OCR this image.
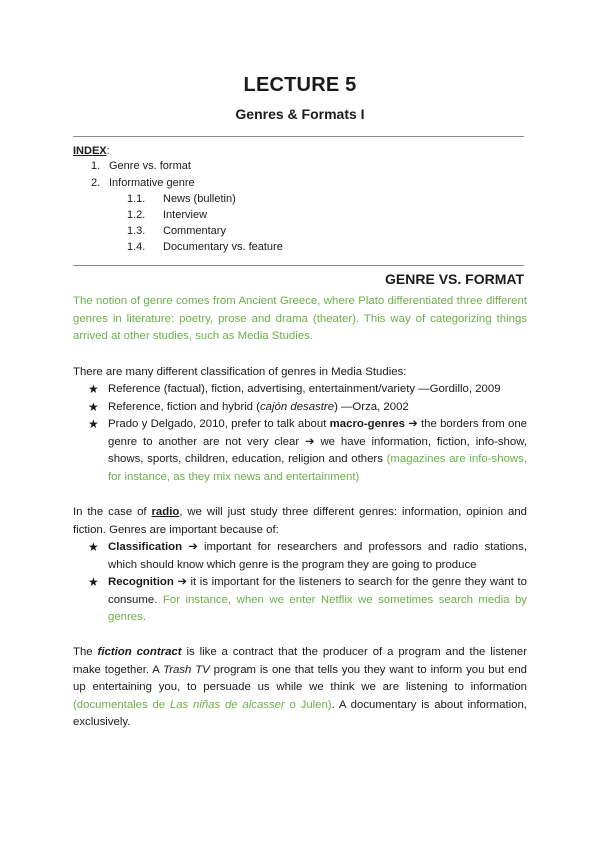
LECTURE 5
Genres & Formats I
INDEX:
1. Genre vs. format
2. Informative genre
1.1. News (bulletin)
1.2. Interview
1.3. Commentary
1.4. Documentary vs. feature
GENRE VS. FORMAT

The notion of genre comes from Ancient Greece, where Plato differentiated three different genres in literature: poetry, prose and drama (theater). This way of categorizing things arrived at other studies, such as Media Studies.

There are many different classification of genres in Media Studies:

★ Reference (factual), fiction, advertising, entertainment/variety —Gordillo, 2009
★ Reference, fiction and hybrid (cajón desastre) —Orza, 2002
★ Prado y Delgado, 2010, prefer to talk about macro-genres ➔ the borders from one genre to another are not very clear ➔ we have information, fiction, info-show, shows, sports, children, education, religion and others (magazines are info-shows, for instance, as they mix news and entertainment)

In the case of radio, we will just study three different genres: information, opinion and fiction. Genres are important because of:

★ Classification ➔ important for researchers and professors and radio stations, which should know which genre is the program they are going to produce
★ Recognition ➔ it is important for the listeners to search for the genre they want to consume. For instance, when we enter Netflix we sometimes search media by genres.

The fiction contract is like a contract that the producer of a program and the listener make together. A Trash TV program is one that tells you they want to inform you but end up entertaining you, to persuade us while we think we are listening to information (documentales de Las niñas de alcasser o Julen). A documentary is about information, exclusively.
